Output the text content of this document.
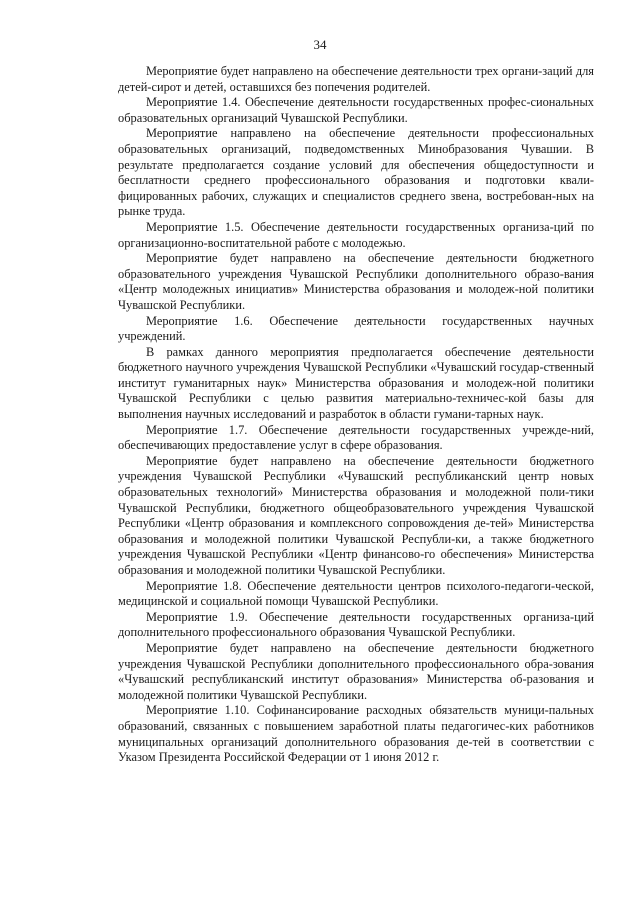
34

Мероприятие будет направлено на обеспечение деятельности трех органи-заций для детей-сирот и детей, оставшихся без попечения родителей.

Мероприятие 1.4. Обеспечение деятельности государственных профес-сиональных образовательных организаций Чувашской Республики.

Мероприятие направлено на обеспечение деятельности профессиональных образовательных организаций, подведомственных Минобразования Чувашии. В результате предполагается создание условий для обеспечения общедоступности и бесплатности среднего профессионального образования и подготовки квали-фицированных рабочих, служащих и специалистов среднего звена, востребован-ных на рынке труда.

Мероприятие 1.5. Обеспечение деятельности государственных организа-ций по организационно-воспитательной работе с молодежью.

Мероприятие будет направлено на обеспечение деятельности бюджетного образовательного учреждения Чувашской Республики дополнительного образо-вания «Центр молодежных инициатив» Министерства образования и молодеж-ной политики Чувашской Республики.

Мероприятие 1.6. Обеспечение деятельности государственных научных учреждений.

В рамках данного мероприятия предполагается обеспечение деятельности бюджетного научного учреждения Чувашской Республики «Чувашский государ-ственный институт гуманитарных наук» Министерства образования и молодеж-ной политики Чувашской Республики с целью развития материально-техничес-кой базы для выполнения научных исследований и разработок в области гумани-тарных наук.

Мероприятие 1.7. Обеспечение деятельности государственных учрежде-ний, обеспечивающих предоставление услуг в сфере образования.

Мероприятие будет направлено на обеспечение деятельности бюджетного учреждения Чувашской Республики «Чувашский республиканский центр новых образовательных технологий» Министерства образования и молодежной поли-тики Чувашской Республики, бюджетного общеобразовательного учреждения Чувашской Республики «Центр образования и комплексного сопровождения де-тей» Министерства образования и молодежной политики Чувашской Республи-ки, а также бюджетного учреждения Чувашской Республики «Центр финансово-го обеспечения» Министерства образования и молодежной политики Чувашской Республики.

Мероприятие 1.8. Обеспечение деятельности центров психолого-педагоги-ческой, медицинской и социальной помощи Чувашской Республики.

Мероприятие 1.9. Обеспечение деятельности государственных организа-ций дополнительного профессионального образования Чувашской Республики.

Мероприятие будет направлено на обеспечение деятельности бюджетного учреждения Чувашской Республики дополнительного профессионального обра-зования «Чувашский республиканский институт образования» Министерства об-разования и молодежной политики Чувашской Республики.

Мероприятие 1.10. Софинансирование расходных обязательств муници-пальных образований, связанных с повышением заработной платы педагогичес-ких работников муниципальных организаций дополнительного образования де-тей в соответствии с Указом Президента Российской Федерации от 1 июня 2012 г.
